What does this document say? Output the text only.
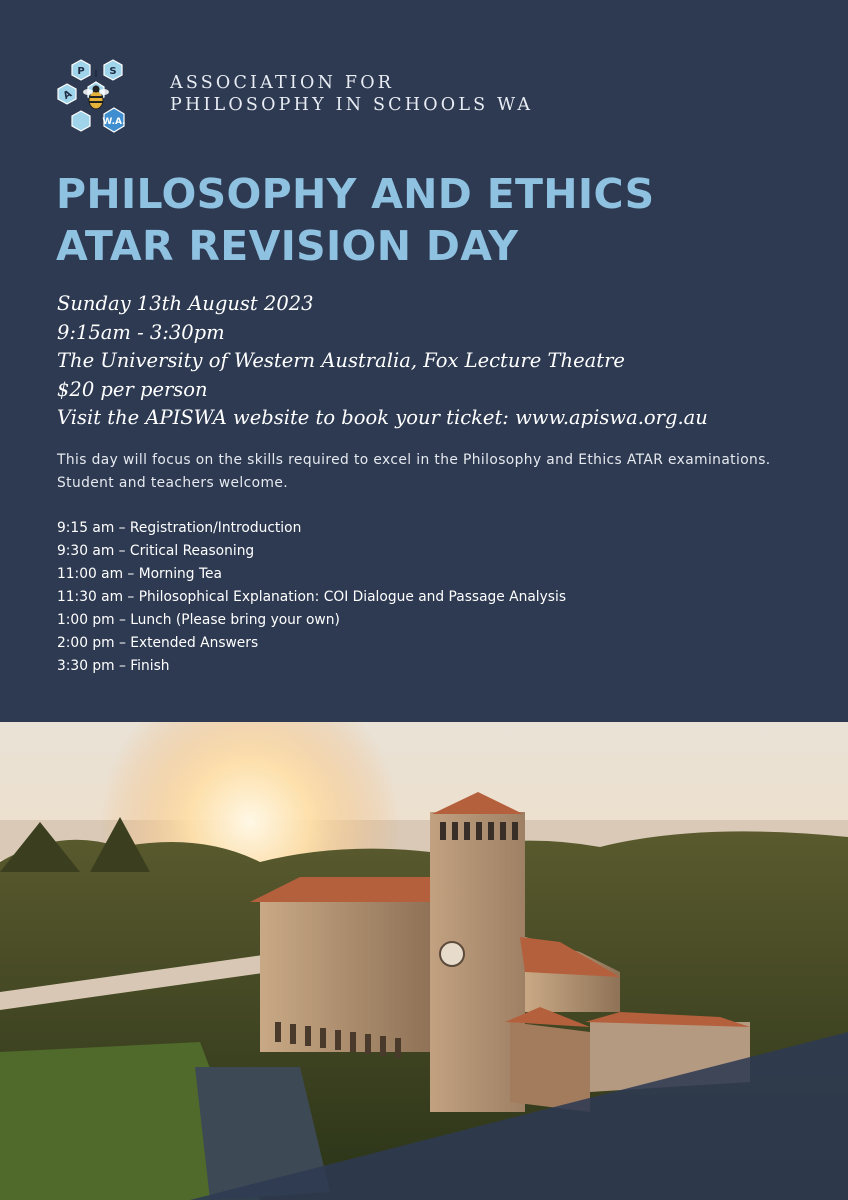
A
P I S
W.A.
ASSOCIATION FOR
PHILOSOPHY IN SCHOOLS WA
PHILOSOPHY AND ETHICS
ATAR REVISION DAY
Sunday 13th August 2023
9:15am - 3:30pm
The University of Western Australia, Fox Lecture Theatre
$20 per person
Visit the APISWA website to book your ticket: www.apiswa.org.au
This day will focus on the skills required to excel in the Philosophy and Ethics ATAR examinations. Student and teachers welcome.
9:15 am – Registration/Introduction
9:30 am – Critical Reasoning
11:00 am – Morning Tea
11:30 am – Philosophical Explanation: COI Dialogue and Passage Analysis
1:00 pm – Lunch (Please bring your own)
2:00 pm – Extended Answers
3:30 pm – Finish
